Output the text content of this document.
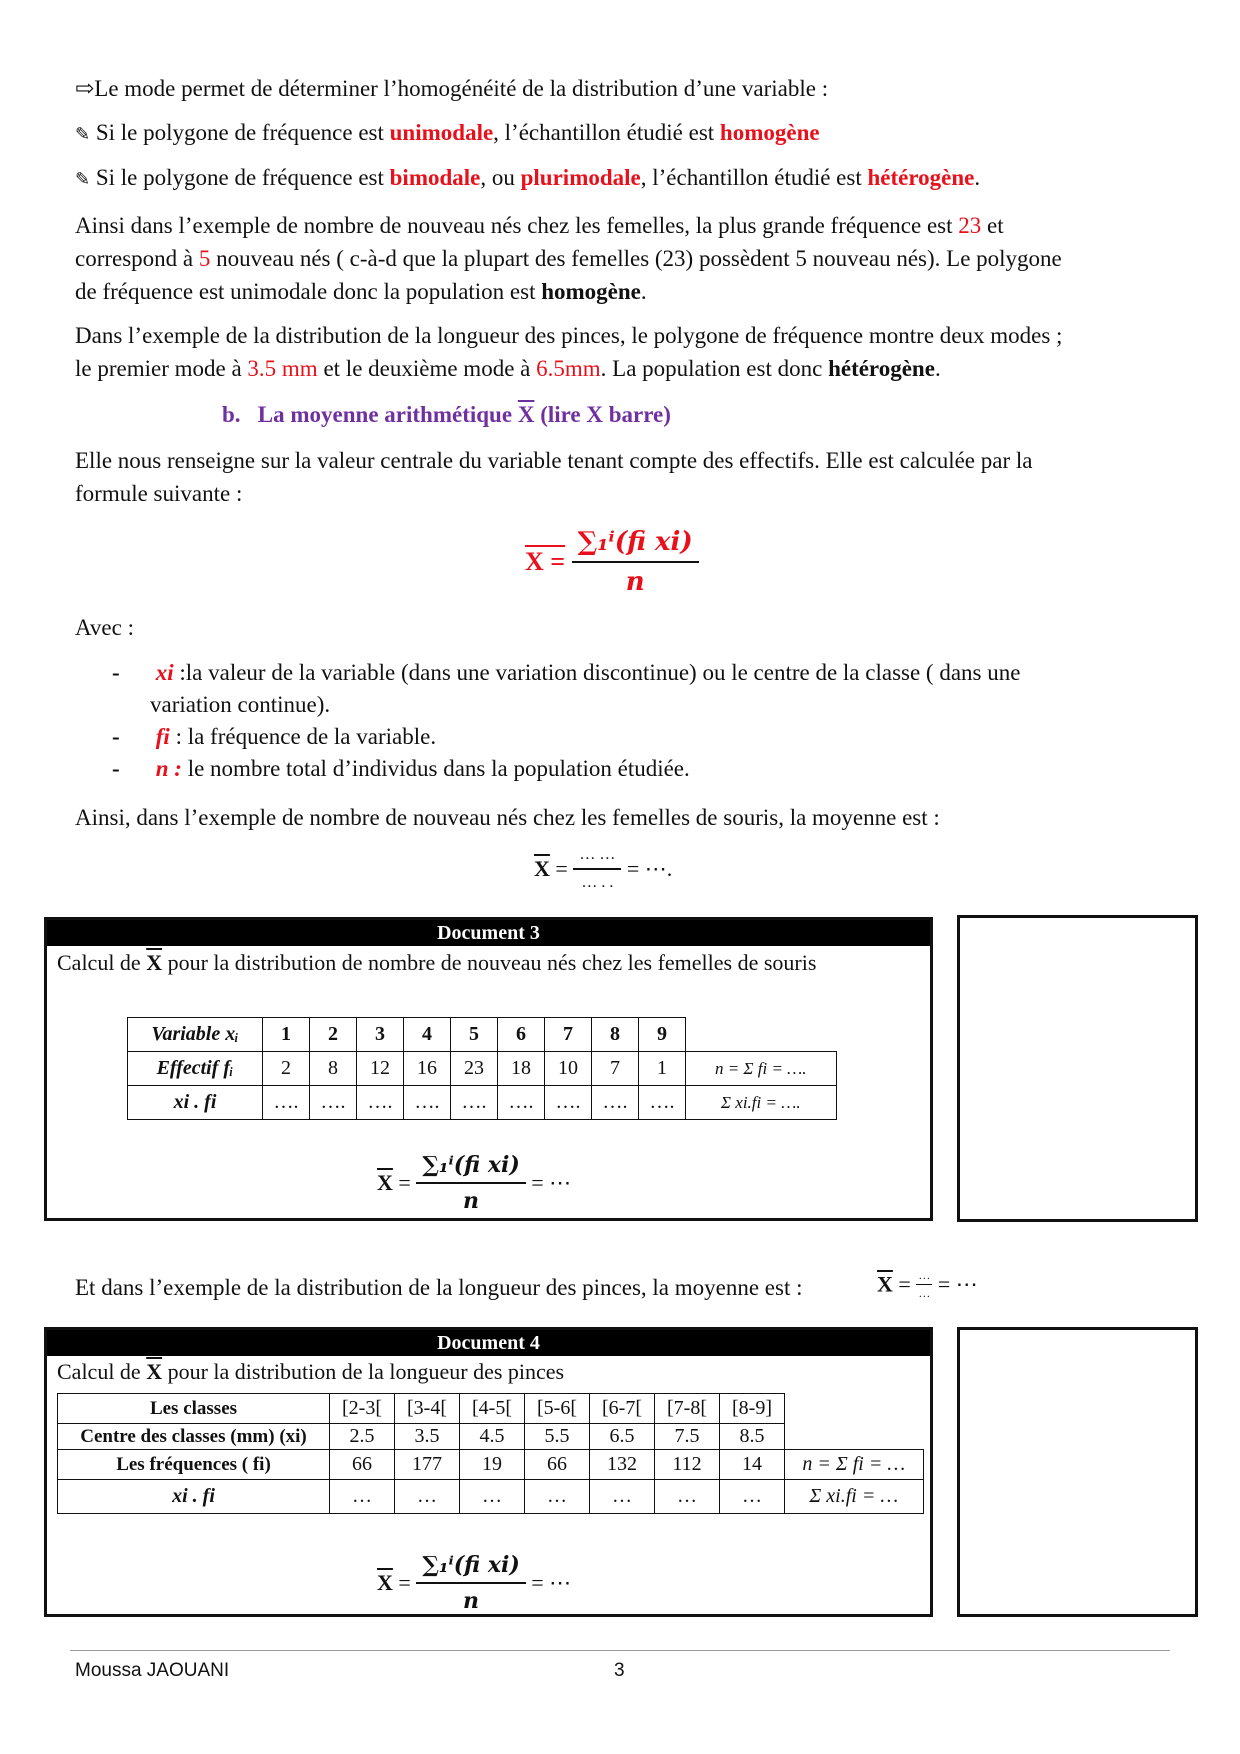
⇨Le mode permet de déterminer l’homogénéité de la distribution d’une variable :
✎ Si le polygone de fréquence est unimodale, l’échantillon étudié est homogène
✎ Si le polygone de fréquence est bimodale, ou plurimodale, l’échantillon étudié est hétérogène.
Ainsi dans l’exemple de nombre de nouveau nés chez les femelles, la plus grande fréquence est 23 et
correspond à 5 nouveau nés ( c-à-d que la plupart des femelles (23) possèdent 5 nouveau nés). Le polygone
de fréquence est unimodale donc la population est homogène.
Dans l’exemple de la distribution de la longueur des pinces, le polygone de fréquence montre deux modes ;
le premier mode à 3.5 mm et le deuxième mode à 6.5mm. La population est donc hétérogène.
b. La moyenne arithmétique $\overline{X}$ (lire X barre)
Elle nous renseigne sur la valeur centrale du variable tenant compte des effectifs. Elle est calculée par la
formule suivante :
$X = \frac{\text{∑₁ⁱ(fi xi)}}{n}$
Avec :
- xi :la valeur de la variable (dans une variation discontinue) ou le centre de la classe ( dans une
variation continue).
- fi : la fréquence de la variable.
- n : le nombre total d’individus dans la population étudiée.
Ainsi, dans l’exemple de nombre de nouveau nés chez les femelles de souris, la moyenne est :
$\overline{X} = \frac{\dots \dots}{\dots . .}$ = ⋯.
Document 3
Calcul de $\overline{X}$ pour la distribution de nombre de nouveau nés chez les femelles de souris
Variable xᵢ	1	2	3	4	5	6	7	8	9	
Effectif fᵢ	2	8	12	16	23	18	10	7	1	n = Σ fi = ….
xi . fi	….	….	….	….	….	….	….	….	….	Σ xi.fi = ….
$\overline{X} = \frac{\text{∑₁ⁱ(fi xi)}}{n}$ = ⋯
Et dans l’exemple de la distribution de la longueur des pinces, la moyenne est :	$\overline{X} = \frac{\dots}{\dots}$ = ⋯
Document 4
Calcul de $\overline{X}$ pour la distribution de la longueur des pinces
Les classes	[2-3[	[3-4[	[4-5[	[5-6[	[6-7[	[7-8[	[8-9]	
Centre des classes (mm) (xi)	2.5	3.5	4.5	5.5	6.5	7.5	8.5	
Les fréquences ( fi)	66	177	19	66	132	112	14	n = Σ fi = …
xi . fi	…	…	…	…	…	…	…	Σ xi.fi = …
$\overline{X} = \frac{\text{∑₁ⁱ(fi xi)}}{n}$ = ⋯
Moussa JAOUANI	3
